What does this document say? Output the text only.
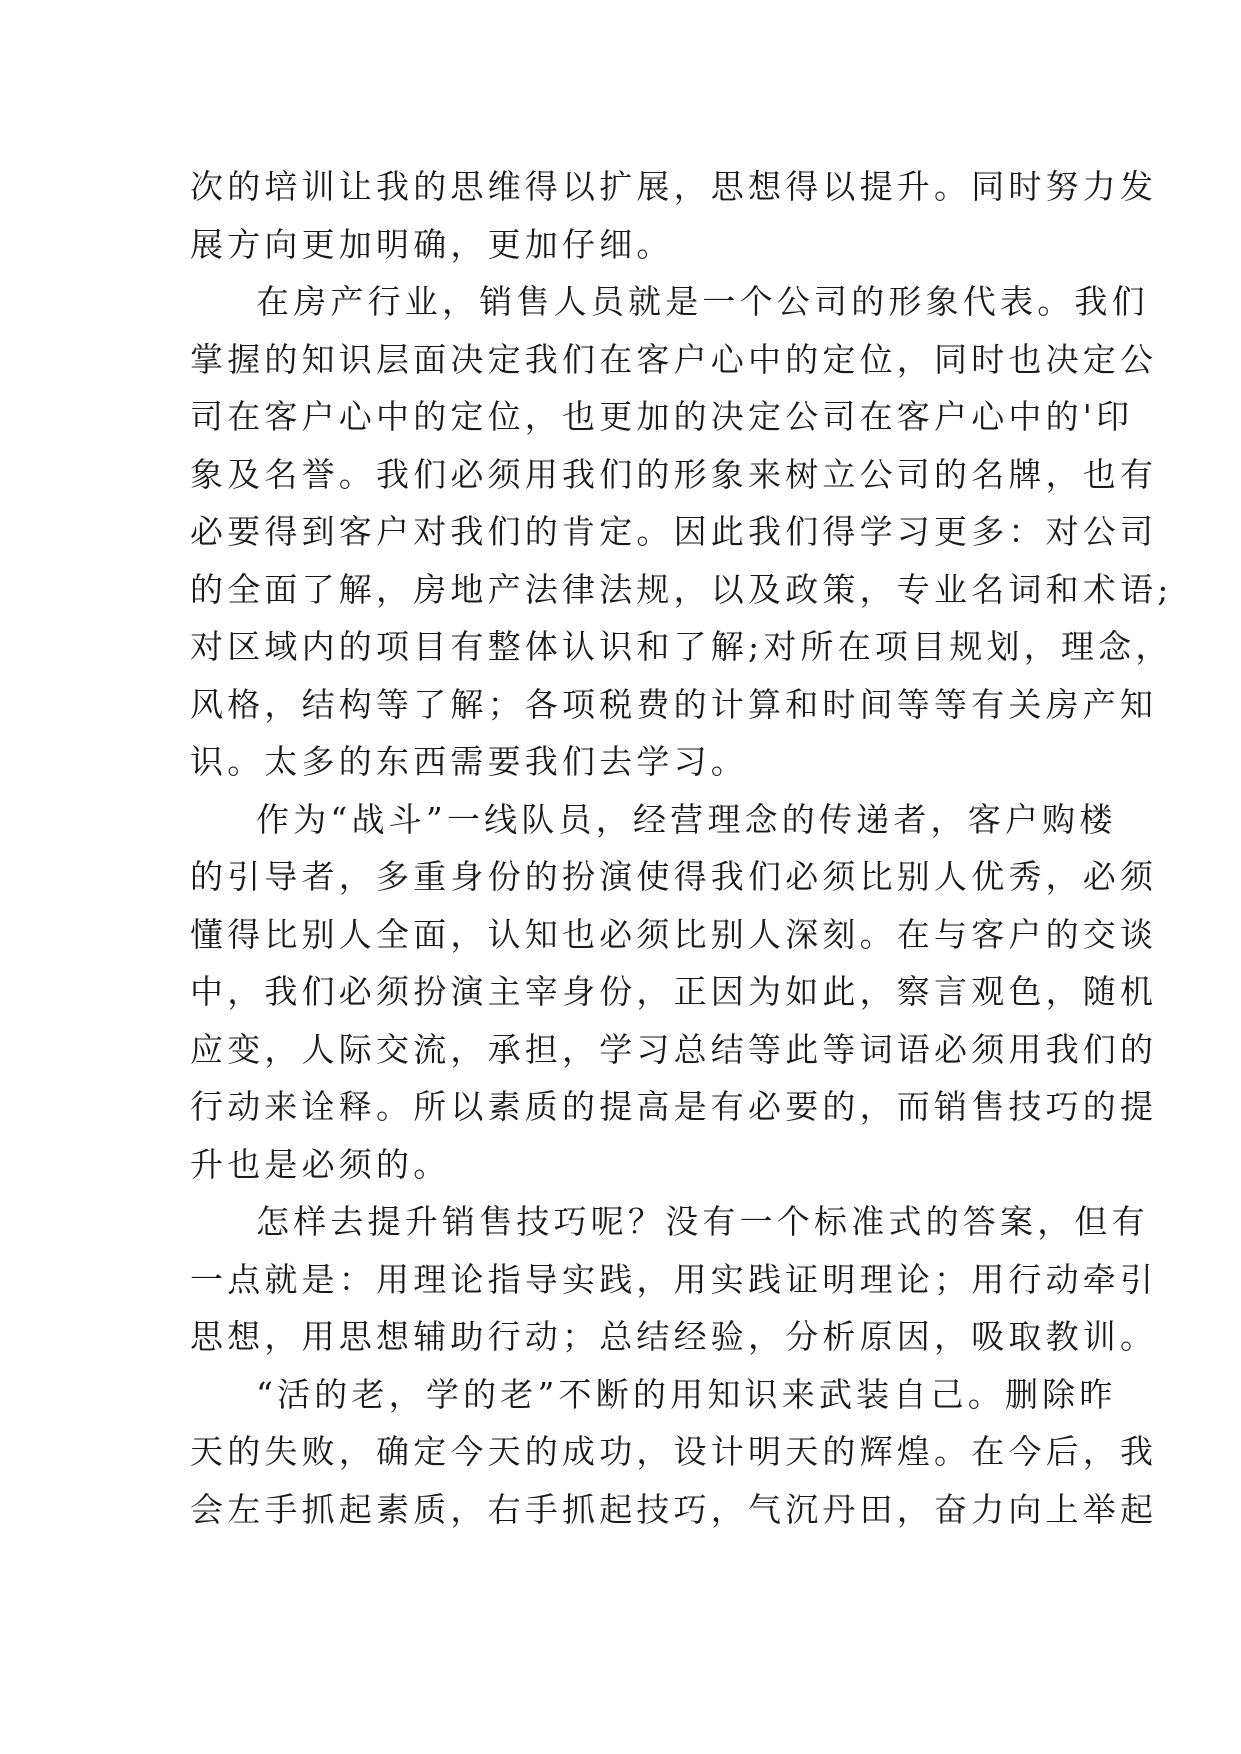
次的培训让我的思维得以扩展，思想得以提升。同时努力发
展方向更加明确，更加仔细。

在房产行业，销售人员就是一个公司的形象代表。我们
掌握的知识层面决定我们在客户心中的定位，同时也决定公
司在客户心中的定位，也更加的决定公司在客户心中的'印
象及名誉。我们必须用我们的形象来树立公司的名牌，也有
必要得到客户对我们的肯定。因此我们得学习更多：对公司
的全面了解，房地产法律法规，以及政策，专业名词和术语;
对区域内的项目有整体认识和了解;对所在项目规划，理念，
风格，结构等了解；各项税费的计算和时间等等有关房产知
识。太多的东西需要我们去学习。

作为“战斗”一线队员，经营理念的传递者，客户购楼
的引导者，多重身份的扮演使得我们必须比别人优秀，必须
懂得比别人全面，认知也必须比别人深刻。在与客户的交谈
中，我们必须扮演主宰身份，正因为如此，察言观色，随机
应变，人际交流，承担，学习总结等此等词语必须用我们的
行动来诠释。所以素质的提高是有必要的，而销售技巧的提
升也是必须的。

怎样去提升销售技巧呢？没有一个标准式的答案，但有
一点就是：用理论指导实践，用实践证明理论；用行动牵引
思想，用思想辅助行动；总结经验，分析原因，吸取教训。

“活的老，学的老”不断的用知识来武装自己。删除昨
天的失败，确定今天的成功，设计明天的辉煌。在今后，我
会左手抓起素质，右手抓起技巧，气沉丹田，奋力向上举起
